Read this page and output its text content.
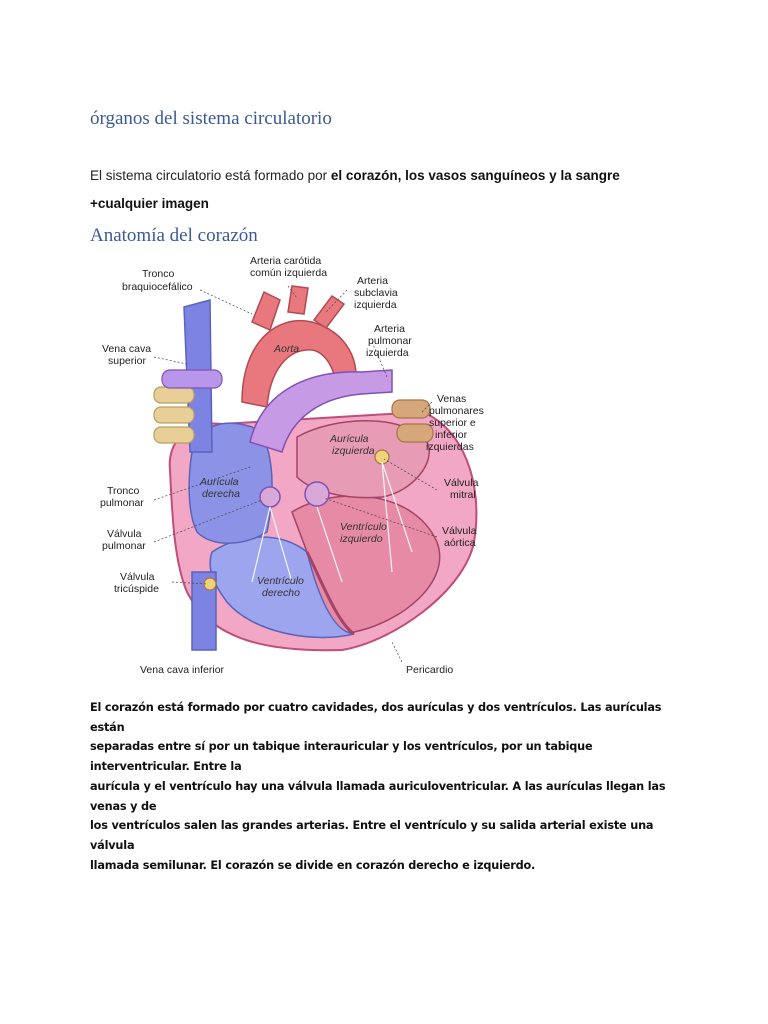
órganos del sistema circulatorio
El sistema circulatorio está formado por el corazón, los vasos sanguíneos y la sangre
+cualquier imagen
Anatomía del corazón
Tronco
braquiocefálico
Arteria carótida
común izquierda
Arteria
subclavia
izquierda
Arteria
pulmonar
izquierda
Vena cava
superior
Aorta
Venas
pulmonares
superior e
inferior
izquierdas
Aurícula
izquierda
Tronco
pulmonar
Aurícula
derecha
Válvula
mitral
Válvula
pulmonar
Ventrículo
izquierdo
Válvula
aórtica
Válvula
tricúspide
Ventrículo
derecho
Vena cava inferior	Pericardio
El corazón está formado por cuatro cavidades, dos aurículas y dos ventrículos. Las aurículas están
separadas entre sí por un tabique interauricular y los ventrículos, por un tabique interventricular. Entre la
aurícula y el ventrículo hay una válvula llamada auriculoventricular. A las aurículas llegan las venas y de
los ventrículos salen las grandes arterias. Entre el ventrículo y su salida arterial existe una válvula
llamada semilunar. El corazón se divide en corazón derecho e izquierdo.
